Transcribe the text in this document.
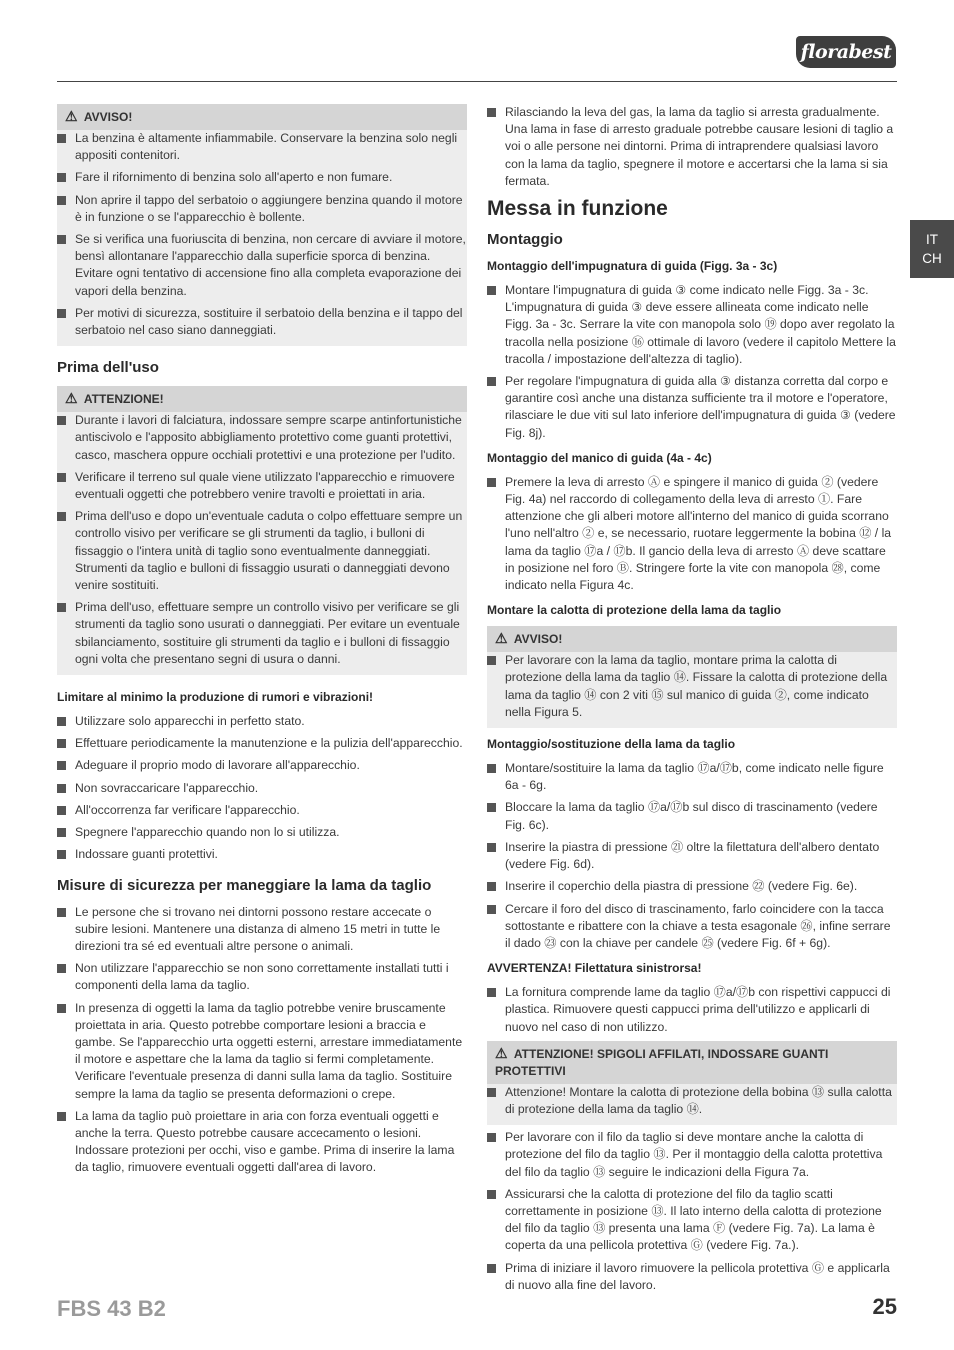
florabest
IT
CH
⚠ AVVISO!
La benzina è altamente infiammabile. Conservare la benzina solo negli appositi contenitori.
Fare il rifornimento di benzina solo all'aperto e non fumare.
Non aprire il tappo del serbatoio o aggiungere benzina quando il motore è in funzione o se l'apparecchio è bollente.
Se si verifica una fuoriuscita di benzina, non cercare di avviare il motore, bensì allontanare l'apparecchio dalla superficie sporca di benzina. Evitare ogni tentativo di accensione fino alla completa evaporazione dei vapori della benzina.
Per motivi di sicurezza, sostituire il serbatoio della benzina e il tappo del serbatoio nel caso siano danneggiati.
Prima dell'uso
⚠ ATTENZIONE!
Durante i lavori di falciatura, indossare sempre scarpe antinfortunistiche antiscivolo e l'apposito abbigliamento protettivo come guanti protettivi, casco, maschera oppure occhiali protettivi e una protezione per l'udito.
Verificare il terreno sul quale viene utilizzato l'apparecchio e rimuovere eventuali oggetti che potrebbero venire travolti e proiettati in aria.
Prima dell'uso e dopo un'eventuale caduta o colpo effettuare sempre un controllo visivo per verificare se gli strumenti da taglio, i bulloni di fissaggio o l'intera unità di taglio sono eventualmente danneggiati. Strumenti da taglio e bulloni di fissaggio usurati o danneggiati devono venire sostituiti.
Prima dell'uso, effettuare sempre un controllo visivo per verificare se gli strumenti da taglio sono usurati o danneggiati. Per evitare un eventuale sbilanciamento, sostituire gli strumenti da taglio e i bulloni di fissaggio ogni volta che presentano segni di usura o danni.
Limitare al minimo la produzione di rumori e vibrazioni!
Utilizzare solo apparecchi in perfetto stato.
Effettuare periodicamente la manutenzione e la pulizia dell'apparecchio.
Adeguare il proprio modo di lavorare all'apparecchio.
Non sovraccaricare l'apparecchio.
All'occorrenza far verificare l'apparecchio.
Spegnere l'apparecchio quando non lo si utilizza.
Indossare guanti protettivi.
Misure di sicurezza per maneggiare la lama da taglio
Le persone che si trovano nei dintorni possono restare accecate o subire lesioni. Mantenere una distanza di almeno 15 metri in tutte le direzioni tra sé ed eventuali altre persone o animali.
Non utilizzare l'apparecchio se non sono correttamente installati tutti i componenti della lama da taglio.
In presenza di oggetti la lama da taglio potrebbe venire bruscamente proiettata in aria. Questo potrebbe comportare lesioni a braccia e gambe. Se l'apparecchio urta oggetti esterni, arrestare immediatamente il motore e aspettare che la lama da taglio si fermi completamente. Verificare l'eventuale presenza di danni sulla lama da taglio. Sostituire sempre la lama da taglio se presenta deformazioni o crepe.
La lama da taglio può proiettare in aria con forza eventuali oggetti e anche la terra. Questo potrebbe causare accecamento o lesioni. Indossare protezioni per occhi, viso e gambe. Prima di inserire la lama da taglio, rimuovere eventuali oggetti dall'area di lavoro.
Rilasciando la leva del gas, la lama da taglio si arresta gradualmente. Una lama in fase di arresto graduale potrebbe causare lesioni di taglio a voi o alle persone nei dintorni. Prima di intraprendere qualsiasi lavoro con la lama da taglio, spegnere il motore e accertarsi che la lama si sia fermata.
Messa in funzione
Montaggio
Montaggio dell'impugnatura di guida (Figg. 3a - 3c)
Montare l'impugnatura di guida ③ come indicato nelle Figg. 3a - 3c. L'impugnatura di guida ③ deve essere allineata come indicato nelle Figg. 3a - 3c. Serrare la vite con manopola solo ⑲ dopo aver regolato la tracolla nella posizione ⑯ ottimale di lavoro (vedere il capitolo Mettere la tracolla / impostazione dell'altezza di taglio).
Per regolare l'impugnatura di guida alla ③ distanza corretta dal corpo e garantire così anche una distanza sufficiente tra il motore e l'operatore, rilasciare le due viti sul lato inferiore dell'impugnatura di guida ③ (vedere Fig. 8j).
Montaggio del manico di guida (4a - 4c)
Premere la leva di arresto Ⓐ e spingere il manico di guida ② (vedere Fig. 4a) nel raccordo di collegamento della leva di arresto ①. Fare attenzione che gli alberi motore all'interno del manico di guida scorrano l'uno nell'altro ② e, se necessario, ruotare leggermente la bobina ⑫ / la lama da taglio ⑰a / ⑰b. Il gancio della leva di arresto Ⓐ deve scattare in posizione nel foro Ⓑ. Stringere forte la vite con manopola ㉘, come indicato nella Figura 4c.
Montare la calotta di protezione della lama da taglio
⚠ AVVISO!
Per lavorare con la lama da taglio, montare prima la calotta di protezione della lama da taglio ⑭. Fissare la calotta di protezione della lama da taglio ⑭ con 2 viti ⑮ sul manico di guida ②, come indicato nella Figura 5.
Montaggio/sostituzione della lama da taglio
Montare/sostituire la lama da taglio ⑰a/⑰b, come indicato nelle figure 6a - 6g.
Bloccare la lama da taglio ⑰a/⑰b sul disco di trascinamento (vedere Fig. 6c).
Inserire la piastra di pressione ㉑ oltre la filettatura dell'albero dentato (vedere Fig. 6d).
Inserire il coperchio della piastra di pressione ㉒ (vedere Fig. 6e).
Cercare il foro del disco di trascinamento, farlo coincidere con la tacca sottostante e ribattere con la chiave a testa esagonale ㉖, infine serrare il dado ㉓ con la chiave per candele ㉕ (vedere Fig. 6f + 6g).
AVVERTENZA! Filettatura sinistrorsa!
La fornitura comprende lame da taglio ⑰a/⑰b con rispettivi cappucci di plastica. Rimuovere questi cappucci prima dell'utilizzo e applicarli di nuovo nel caso di non utilizzo.
⚠ ATTENZIONE! SPIGOLI AFFILATI, INDOSSARE GUANTI PROTETTIVI
Attenzione! Montare la calotta di protezione della bobina ⑬ sulla calotta di protezione della lama da taglio ⑭.
Per lavorare con il filo da taglio si deve montare anche la calotta di protezione del filo da taglio ⑬. Per il montaggio della calotta protettiva del filo da taglio ⑬ seguire le indicazioni della Figura 7a.
Assicurarsi che la calotta di protezione del filo da taglio scatti correttamente in posizione ⑬. Il lato interno della calotta di protezione del filo da taglio ⑬ presenta una lama Ⓕ (vedere Fig. 7a). La lama è coperta da una pellicola protettiva Ⓖ (vedere Fig. 7a.).
Prima di iniziare il lavoro rimuovere la pellicola protettiva Ⓖ e applicarla di nuovo alla fine del lavoro.
FBS 43 B2	25
